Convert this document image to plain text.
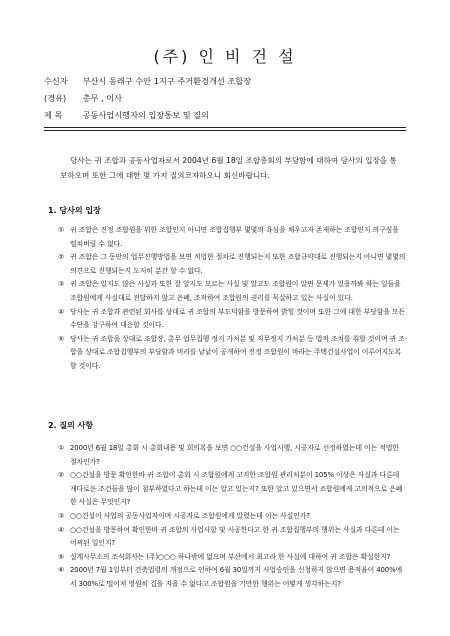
(주) 인 비 건 설
수신자 부산시 동래구 수안 1지구 주거환경개선 조합장
(경유) 총무 , 이사
제 목 공동사업시행자의 입장통보 및 질의
당사는 귀 조합과 공동사업자로서 2004년 6월 18일 조합총회의 부당함에 대하여 당사의 입장을 통보하오며 또한 그에 대한 몇 가지 질의코자하오니 회신바랍니다.
1. 당사의 입장
① 귀 조합은 진정 조합원을 위한 조합인지 아니면 조합집행부 몇몇의 욕심을 채우고자 존재하는 조합인지 의구심을 떨쳐버릴 수 없다.
② 귀 조합은 그 동안의 업무진행방법을 보면 적법한 절차로 진행되는지 또한 조합규약대로 진행되는지 아니면 몇몇의 의견으로 진행되는지 도저히 분간 할 수 없다.
③ 귀 조합은 있지도 않은 사실과 또한 잘 알지도 모르는 사실 및 알고도 조합원이 알면 문제가 있을까봐 하는 일들을 조합원에게 사실대로 전달하지 않고 은폐, 조작하여 조합원의 권리를 묵살하고 있는 사실이 있다.
④ 당사는 귀 조합과 관련된 회사를 상대로 귀 조합의 부도덕함을 방문하여 밝힐 것이며 또한 그에 대한 부당함을 모든 수단을 강구하여 대응할 것이다.
⑤ 당사는 귀 조합을 상대로 조합장, 총무 업무집행 정지 가처분 및 직무정지 가처분 등 법적 조치를 취할 것이며 귀 조합을 상대로 조합집행부의 부당함과 비리를 낱낱이 공개하여 진정 조합원이 바라는 주택건설사업이 이루어지도록 할 것이다.
2. 질의 사항
① 2000년 6월 18일 총회 시 총회내용 및 회의록을 보면 ○○건설을 사업시행, 시공자로 선정하였는데 이는 적법한 절차인가?
② ○○건설을 방문 확인한바 귀 조합이 총회 시 조합원에게 고지한 조합원 관리처분이 105% 이상은 사실과 다른데 개다로운 조건들을 많이 첨부하였다고 하는데 이는 알고 있는지? 또한 알고 있으면서 조합원에게 고의적으로 은폐한 사실은 무엇인지?
③ ○○건설이 사업의 공동사업자이며 시공자로 조합원에게 알렸는데 이는 사실인가?
④ ○○건설을 방문하여 확인한바 귀 조합의 사업사항 및 시공한다고 한 귀 조합집행부의 행위는 사실과 다른데 이는 어찌된 일인지?
⑤ 설계사무소의 조식회사는 (주)○○○ 하나밖에 없으며 부산에서 최고라 한 사실에 대하여 귀 조합은 확실한지?
⑥ 2000년 7월 1일부터 건축법령의 개정으로 인하여 6월 30일까지 사업승인을 신청하지 않으면 용적율이 400%에서 300%로 떨어져 영원히 집을 지을 수 없다고 조합원을 기만한 행위는 어떻게 생각하는지?
